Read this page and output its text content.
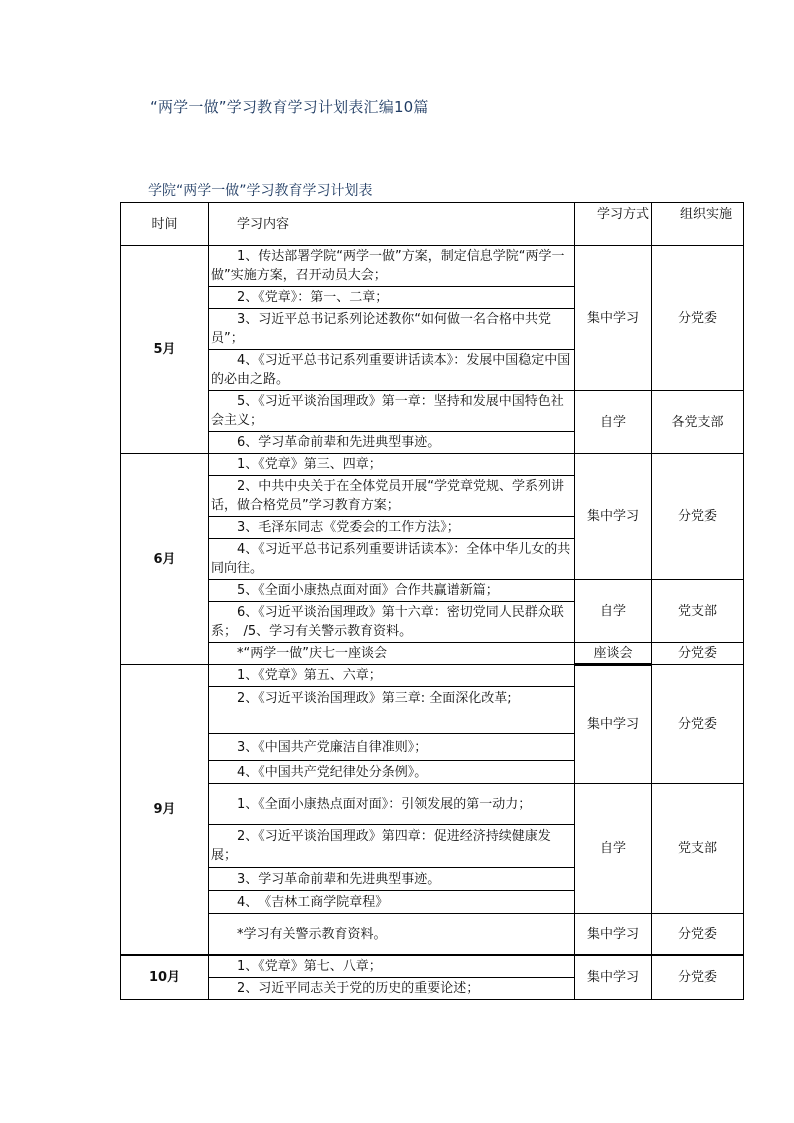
“两学一做”学习教育学习计划表汇编10篇
学院“两学一做”学习教育学习计划表
时间	学习内容	学习方式	组织实施
5月	1、传达部署学院“两学一做”方案，制定信息学院“两学一做”实施方案，召开动员大会；	集中学习	分党委
	2、《党章》：第一、二章；		
	3、习近平总书记系列论述教你“如何做一名合格中共党员”；		
	4、《习近平总书记系列重要讲话读本》：发展中国稳定中国的必由之路。		
	5、《习近平谈治国理政》第一章：坚持和发展中国特色社会主义；	自学	各党支部
	6、学习革命前辈和先进典型事迹。		
6月	1、《党章》第三、四章；	集中学习	分党委
	2、中共中央关于在全体党员开展“学党章党规、学系列讲话，做合格党员”学习教育方案；		
	3、毛泽东同志《党委会的工作方法》；		
	4、《习近平总书记系列重要讲话读本》：全体中华儿女的共同向往。		
	5、《全面小康热点面对面》合作共赢谱新篇；	自学	党支部
	6、《习近平谈治国理政》第十六章：密切党同人民群众联系；　/5、学习有关警示教育资料。		
	*“两学一做”庆七一座谈会	座谈会	分党委
9月	1、《党章》第五、六章；	集中学习	分党委
	2、《习近平谈治国理政》第三章: 全面深化改革;		
	3、《中国共产党廉洁自律准则》；		
	4、《中国共产党纪律处分条例》。		
	1、《全面小康热点面对面》：引领发展的第一动力；	自学	党支部
	2、《习近平谈治国理政》第四章：促进经济持续健康发展；		
	3、学习革命前辈和先进典型事迹。		
	4、　《吉林工商学院章程》		
	*学习有关警示教育资料。	集中学习	分党委
10月	1、《党章》第七、八章；	集中学习	分党委
	2、习近平同志关于党的历史的重要论述；		
